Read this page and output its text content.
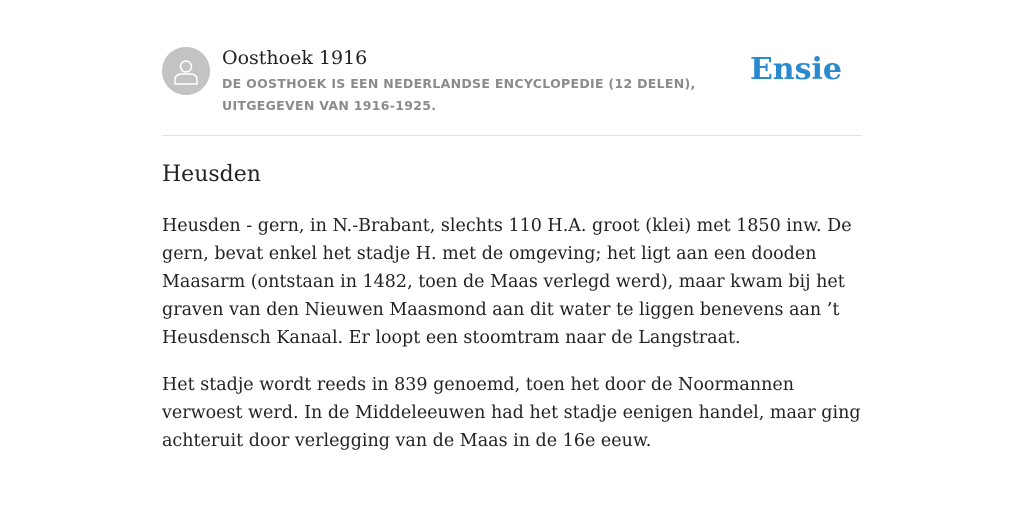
Oosthoek 1916
DE OOSTHOEK IS EEN NEDERLANDSE ENCYCLOPEDIE (12 DELEN), UITGEGEVEN VAN 1916-1925.
Ensie
Heusden

Heusden - gern, in N.-Brabant, slechts 110 H.A. groot (klei) met 1850 inw. De gern, bevat enkel het stadje H. met de omgeving; het ligt aan een dooden Maasarm (ontstaan in 1482, toen de Maas verlegd werd), maar kwam bij het graven van den Nieuwen Maasmond aan dit water te liggen benevens aan ’t Heusdensch Kanaal. Er loopt een stoomtram naar de Langstraat.

Het stadje wordt reeds in 839 genoemd, toen het door de Noormannen verwoest werd. In de Middeleeuwen had het stadje eenigen handel, maar ging achteruit door verlegging van de Maas in de 16e eeuw.
